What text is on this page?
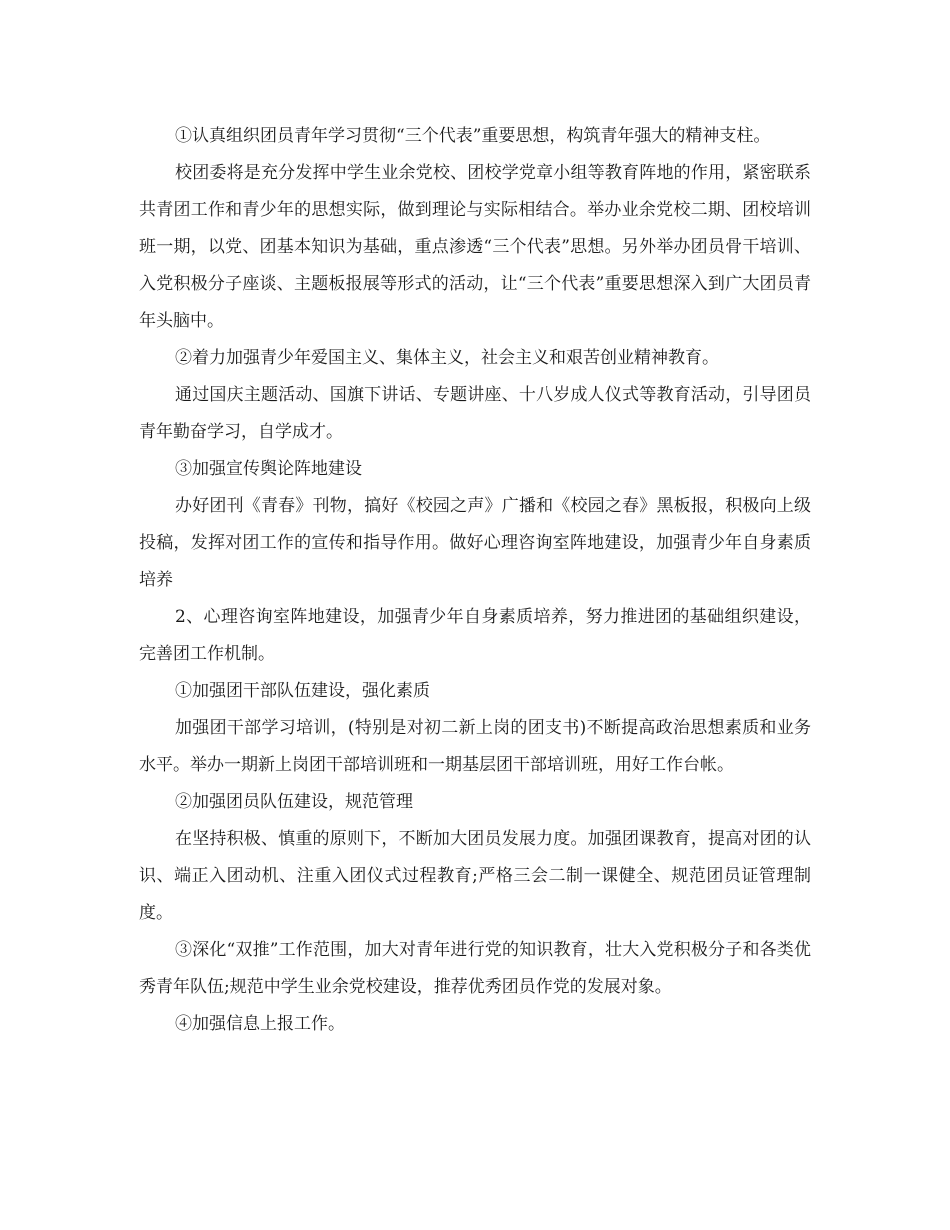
①认真组织团员青年学习贯彻“三个代表”重要思想，构筑青年强大的精神支柱。

校团委将是充分发挥中学生业余党校、团校学党章小组等教育阵地的作用，紧密联系共青团工作和青少年的思想实际，做到理论与实际相结合。举办业余党校二期、团校培训班一期，以党、团基本知识为基础，重点渗透“三个代表”思想。另外举办团员骨干培训、入党积极分子座谈、主题板报展等形式的活动，让“三个代表”重要思想深入到广大团员青年头脑中。

②着力加强青少年爱国主义、集体主义，社会主义和艰苦创业精神教育。

通过国庆主题活动、国旗下讲话、专题讲座、十八岁成人仪式等教育活动，引导团员青年勤奋学习，自学成才。

③加强宣传舆论阵地建设

办好团刊《青春》刊物，搞好《校园之声》广播和《校园之春》黑板报，积极向上级投稿，发挥对团工作的宣传和指导作用。做好心理咨询室阵地建设，加强青少年自身素质培养

2、心理咨询室阵地建设，加强青少年自身素质培养，努力推进团的基础组织建设，完善团工作机制。

①加强团干部队伍建设，强化素质

加强团干部学习培训，(特别是对初二新上岗的团支书)不断提高政治思想素质和业务水平。举办一期新上岗团干部培训班和一期基层团干部培训班，用好工作台帐。

②加强团员队伍建设，规范管理

在坚持积极、慎重的原则下，不断加大团员发展力度。加强团课教育，提高对团的认识、端正入团动机、注重入团仪式过程教育;严格三会二制一课健全、规范团员证管理制度。

③深化“双推”工作范围，加大对青年进行党的知识教育，壮大入党积极分子和各类优秀青年队伍;规范中学生业余党校建设，推荐优秀团员作党的发展对象。

④加强信息上报工作。
